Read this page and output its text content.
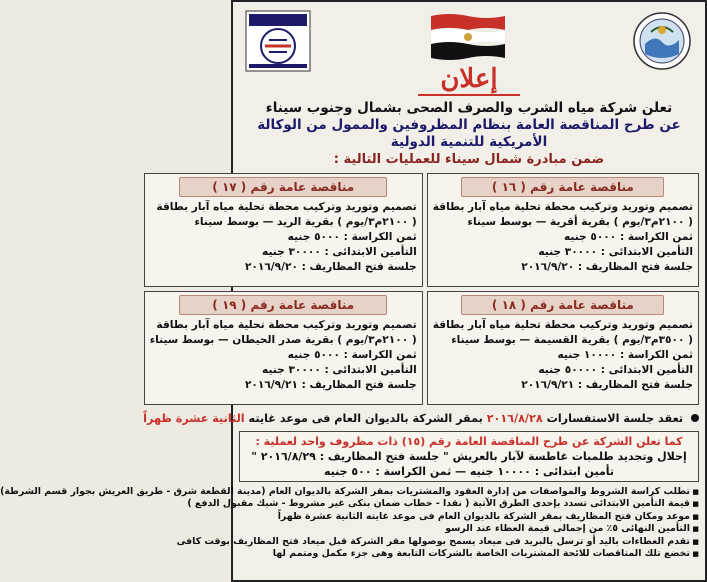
إعلان
تعلن شركة مياه الشرب والصرف الصحى بشمال وجنوب سيناء
عن طرح المناقصة العامة بنظام المظروفين والممول من الوكالة الأمريكية للتنمية الدولية
ضمن مبادرة شمال سيناء للعمليات التالية :
مناقصة عامة رقم ( ١٦ )
تصميم وتوريد وتركيب محطة تحلية مياه آبار بطاقة
( ٢١٠٠م٣/يوم ) بقرية أقرية — بوسط سيناء
ثمن الكراسة : ٥٠٠٠ جنيه
التأمين الابتدائى : ٣٠٠٠٠ جنيه
جلسة فتح المظاريف : ٢٠١٦/٩/٢٠
مناقصة عامة رقم ( ١٧ )
تصميم وتوريد وتركيب محطة تحلية مياه آبار بطاقة
( ٢١٠٠م٣/يوم ) بقرية الريد — بوسط سيناء
ثمن الكراسة : ٥٠٠٠ جنيه
التأمين الابتدائى : ٣٠٠٠٠ جنيه
جلسة فتح المظاريف : ٢٠١٦/٩/٢٠
مناقصة عامة رقم ( ١٨ )
تصميم وتوريد وتركيب محطة تحلية مياه آبار بطاقة
( ٣٥٠٠م٣/يوم ) بقرية القسيمة — بوسط سيناء
ثمن الكراسة : ١٠٠٠٠ جنيه
التأمين الابتدائى : ٥٠٠٠٠ جنيه
جلسة فتح المظاريف : ٢٠١٦/٩/٢١
مناقصة عامة رقم ( ١٩ )
تصميم وتوريد وتركيب محطة تحلية مياه آبار بطاقة
( ٢١٠٠م٣/يوم ) بقرية صدر الحيطان — بوسط سيناء
ثمن الكراسة : ٥٠٠٠ جنيه
التأمين الابتدائى : ٣٠٠٠٠ جنيه
جلسة فتح المظاريف : ٢٠١٦/٩/٢١
تعقد جلسة الاستفسارات ٢٠١٦/٨/٢٨ بمقر الشركة بالديوان العام فى موعد غايته الثانية عشرة ظهراً
كما تعلن الشركة عن طرح المناقصة العامة رقم (١٥) ذات مظروف واحد لعملية :
إحلال وتجديد طلمبات غاطسة لآبار بالعريش " جلسة فتح المظاريف : ٢٠١٦/٨/٢٩ "
تأمين ابتدائى : ١٠٠٠٠ جنيه — ثمن الكراسة : ٥٠٠ جنيه
■ تطلب كراسة الشروط والمواصفات من إدارة العقود والمشتريات بمقر الشركة بالديوان العام (مدينة القطعة شرق - طريق العريش بجوار قسم الشرطة)
■ قيمة التأمين الابتدائى تسدد بإحدى الطرق الآتية ( نقدا - خطاب ضمان بنكى غير مشروط - شيك مقبول الدفع )
■ موعد ومكان فتح المظاريف بمقر الشركة بالديوان العام فى موعد غايته الثانية عشرة ظهراً
■ التأمين النهائى ٥٪ من إجمالى قيمة العطاء عند الرسو
■ تقدم العطاءات باليد أو ترسل بالبريد فى ميعاد يسمح بوصولها مقر الشركة قبل ميعاد فتح المظاريف بوقت كافى
■ تخضع تلك المناقصات للائحة المشتريات الخاصة بالشركات التابعة وهى جزء مكمل ومتمم لها
